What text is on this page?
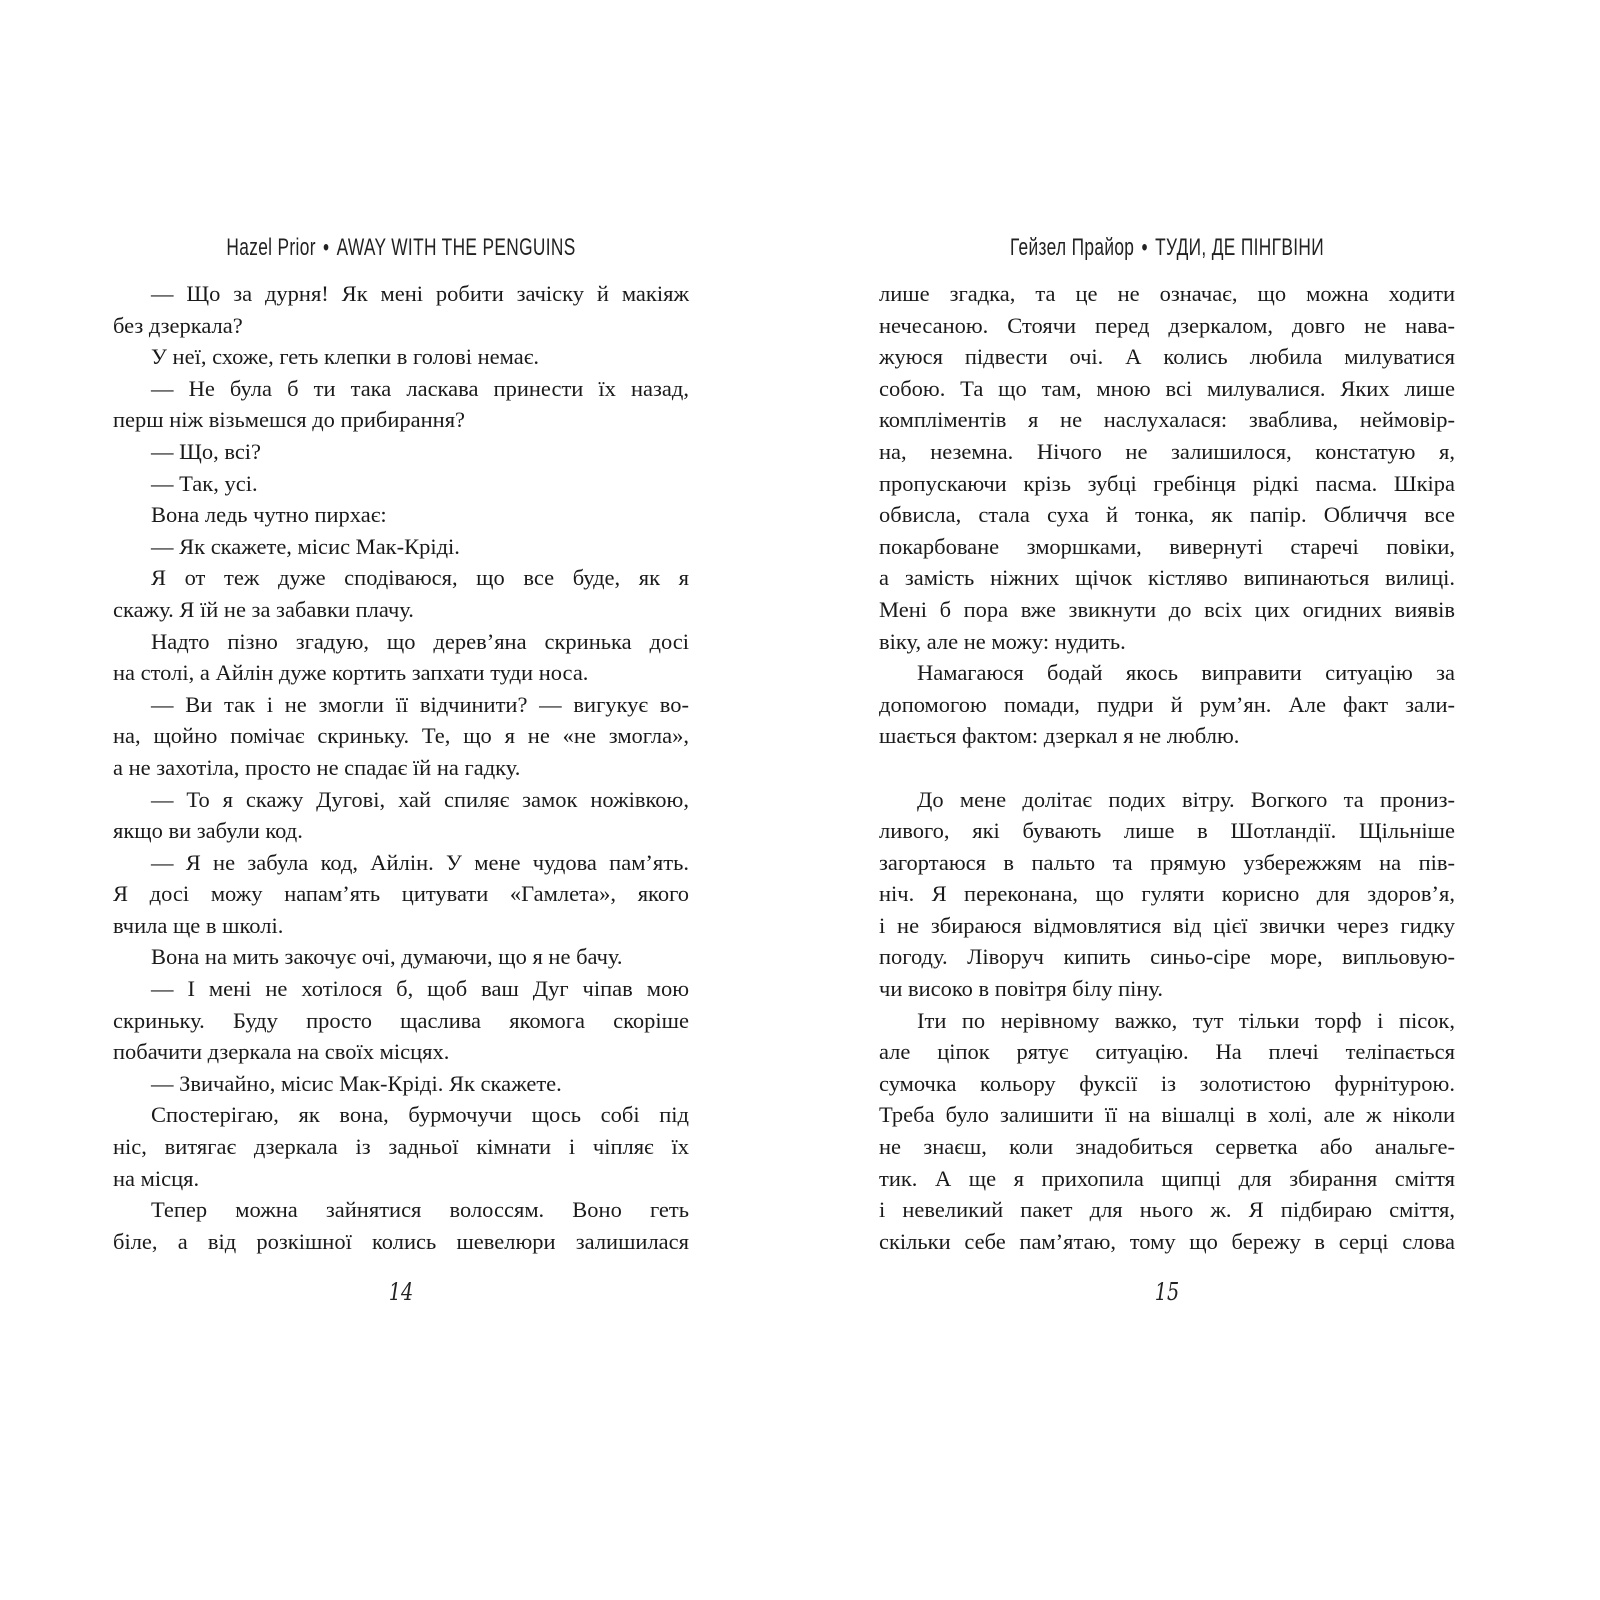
Hazel Prior • AWAY WITH THE PENGUINS
— Що за дурня! Як мені робити зачіску й макіяж
без дзеркала?
У неї, схоже, геть клепки в голові немає.
— Не була б ти така ласкава принести їх назад,
перш ніж візьмешся до прибирання?
— Що, всі?
— Так, усі.
Вона ледь чутно пирхає:
— Як скажете, місис Мак-Кріді.
Я от теж дуже сподіваюся, що все буде, як я
скажу. Я їй не за забавки плачу.
Надто пізно згадую, що дерев’яна скринька досі
на столі, а Айлін дуже кортить запхати туди носа.
— Ви так і не змогли її відчинити? — вигукує во-
на, щойно помічає скриньку. Те, що я не «не змогла»,
а не захотіла, просто не спадає їй на гадку.
— То я скажу Дугові, хай спиляє замок ножівкою,
якщо ви забули код.
— Я не забула код, Айлін. У мене чудова пам’ять.
Я досі можу напам’ять цитувати «Гамлета», якого
вчила ще в школі.
Вона на мить закочує очі, думаючи, що я не бачу.
— І мені не хотілося б, щоб ваш Дуг чіпав мою
скриньку. Буду просто щаслива якомога скоріше
побачити дзеркала на своїх місцях.
— Звичайно, місис Мак-Кріді. Як скажете.
Спостерігаю, як вона, бурмочучи щось собі під
ніс, витягає дзеркала із задньої кімнати і чіпляє їх
на місця.
Тепер можна зайнятися волоссям. Воно геть
біле, а від розкішної колись шевелюри залишилася
14
Гейзел Прайор • ТУДИ, ДЕ ПІНГВІНИ
лише згадка, та це не означає, що можна ходити
нечесаною. Стоячи перед дзеркалом, довго не нава-
жуюся підвести очі. А колись любила милуватися
собою. Та що там, мною всі милувалися. Яких лише
компліментів я не наслухалася: зваблива, неймовір-
на, неземна. Нічого не залишилося, констатую я,
пропускаючи крізь зубці гребінця рідкі пасма. Шкіра
обвисла, стала суха й тонка, як папір. Обличчя все
покарбоване зморшками, вивернуті старечі повіки,
а замість ніжних щічок кістляво випинаються вилиці.
Мені б пора вже звикнути до всіх цих огидних виявів
віку, але не можу: нудить.
Намагаюся бодай якось виправити ситуацію за
допомогою помади, пудри й рум’ян. Але факт зали-
шається фактом: дзеркал я не люблю.
До мене долітає подих вітру. Вогкого та прониз-
ливого, які бувають лише в Шотландії. Щільніше
загортаюся в пальто та прямую узбережжям на пів-
ніч. Я переконана, що гуляти корисно для здоров’я,
і не збираюся відмовлятися від цієї звички через гидку
погоду. Ліворуч кипить синьо-сіре море, випльовую-
чи високо в повітря білу піну.
Іти по нерівному важко, тут тільки торф і пісок,
але ціпок рятує ситуацію. На плечі теліпається
сумочка кольору фуксії із золотистою фурнітурою.
Треба було залишити її на вішалці в холі, але ж ніколи
не знаєш, коли знадобиться серветка або анальге-
тик. А ще я прихопила щипці для збирання сміття
і невеликий пакет для нього ж. Я підбираю сміття,
скільки себе пам’ятаю, тому що бережу в серці слова
15
